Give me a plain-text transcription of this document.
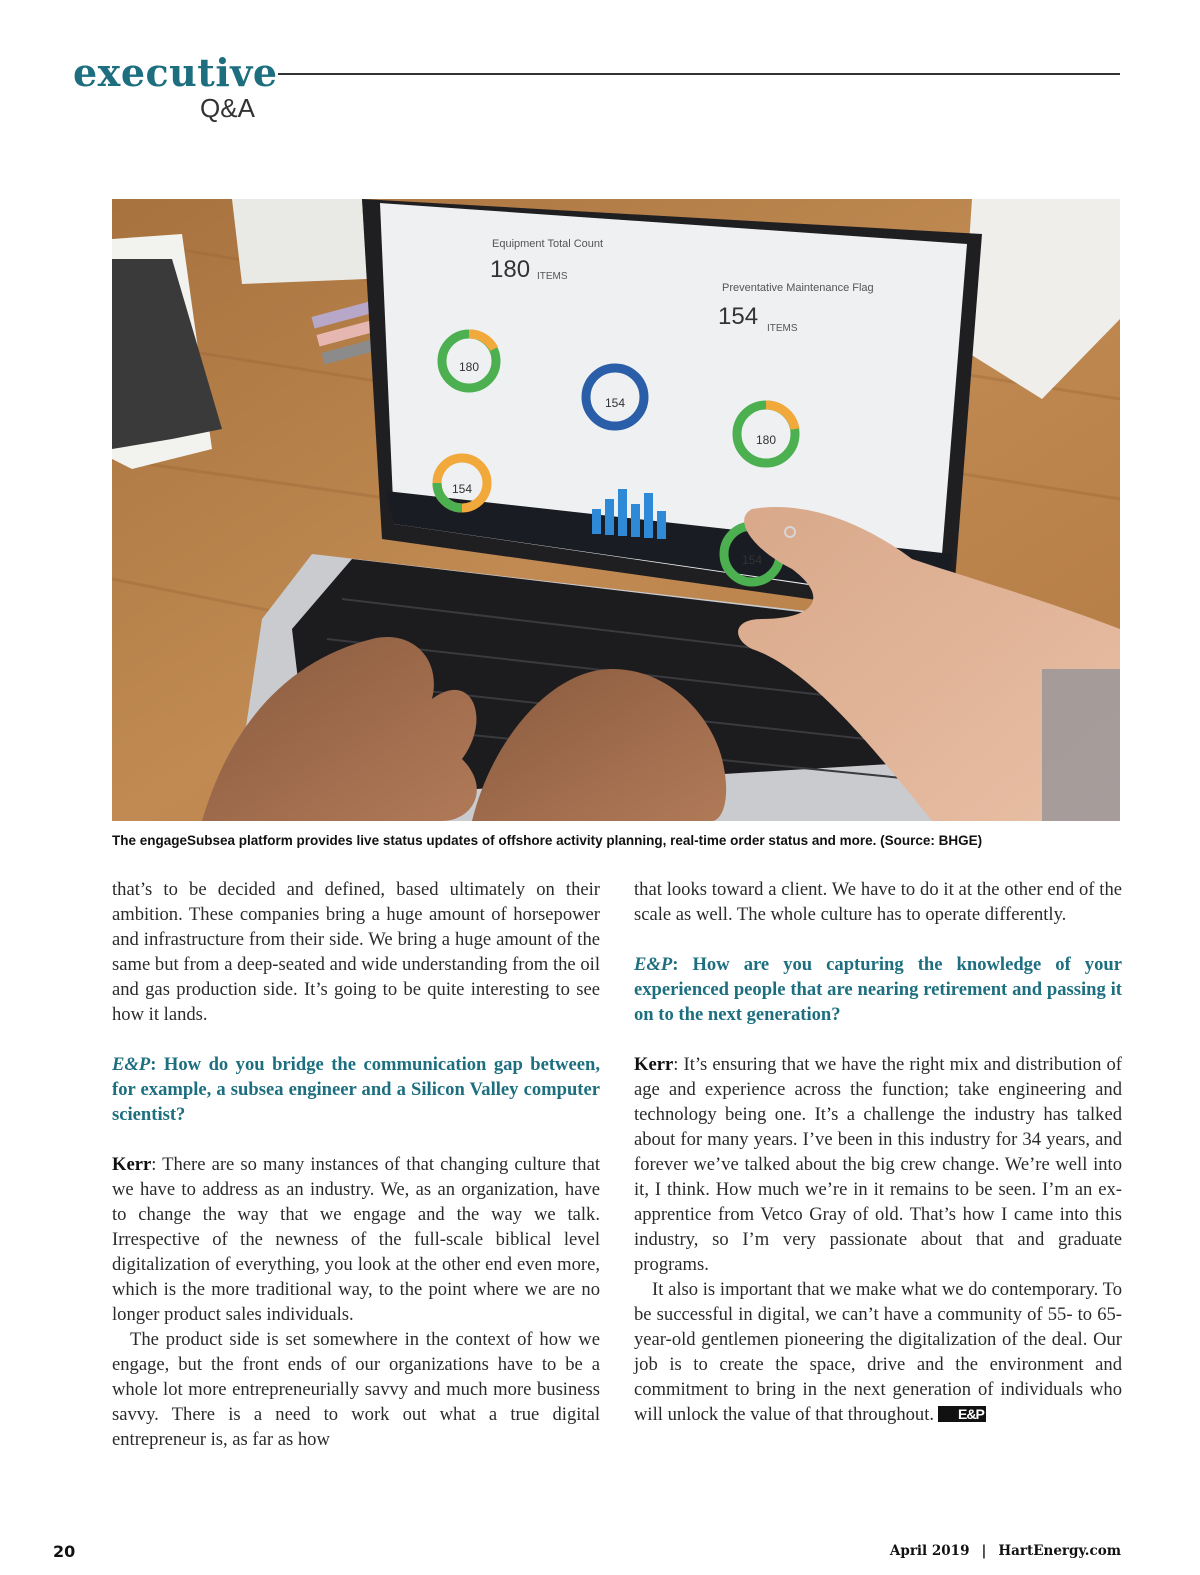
executive
Q&A
Equipment Total Count
180 ITEMS
Preventative Maintenance Flag
154 ITEMS
180
154
180
154
154
The engageSubsea platform provides live status updates of offshore activity planning, real-time order status and more. (Source: BHGE)

that’s to be decided and defined, based ultimately on their ambition. These companies bring a huge amount of horsepower and infrastructure from their side. We bring a huge amount of the same but from a deep-seated and wide understanding from the oil and gas production side. It’s going to be quite interesting to see how it lands.

E&P: How do you bridge the communication gap between, for example, a subsea engineer and a Silicon Valley computer scientist?

Kerr: There are so many instances of that changing culture that we have to address as an industry. We, as an organization, have to change the way that we engage and the way we talk. Irrespective of the newness of the full-scale biblical level digitalization of everything, you look at the other end even more, which is the more traditional way, to the point where we are no longer product sales individuals.

The product side is set somewhere in the context of how we engage, but the front ends of our organizations have to be a whole lot more entrepreneurially savvy and much more business savvy. There is a need to work out what a true digital entrepreneur is, as far as how

that looks toward a client. We have to do it at the other end of the scale as well. The whole culture has to operate differently.

E&P: How are you capturing the knowledge of your experienced people that are nearing retirement and passing it on to the next generation?

Kerr: It’s ensuring that we have the right mix and distribution of age and experience across the function; take engineering and technology being one. It’s a challenge the industry has talked about for many years. I’ve been in this industry for 34 years, and forever we’ve talked about the big crew change. We’re well into it, I think. How much we’re in it remains to be seen. I’m an ex-apprentice from Vetco Gray of old. That’s how I came into this industry, so I’m very passionate about that and graduate programs.

It also is important that we make what we do contemporary. To be successful in digital, we can’t have a community of 55- to 65-year-old gentlemen pioneering the digitalization of the deal. Our job is to create the space, drive and the environment and commitment to bring in the next generation of individuals who will unlock the value of that throughout. E&P

20	April 2019 | HartEnergy.com
